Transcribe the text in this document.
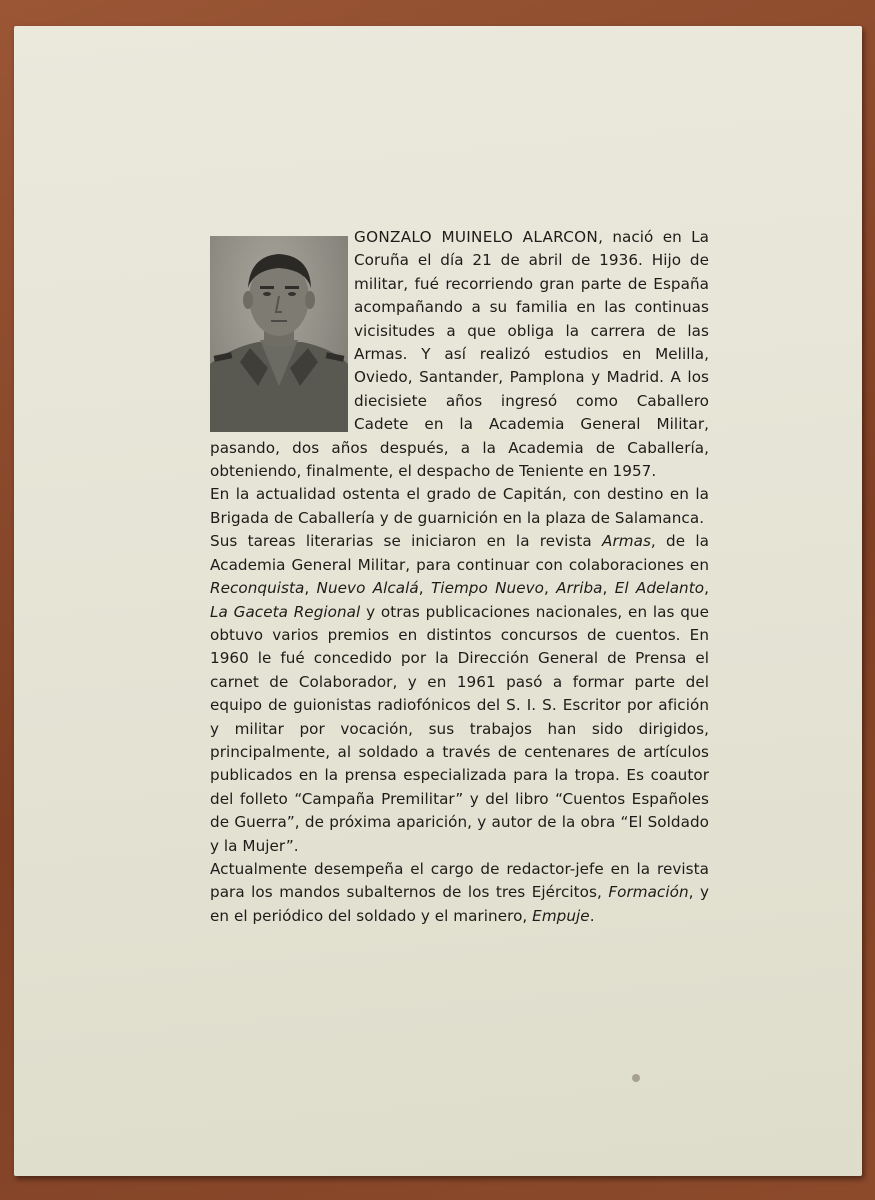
GONZALO MUINELO ALARCON, nació en La Coruña el día 21 de abril de 1936. Hijo de militar, fué recorriendo gran parte de España acompañando a su familia en las continuas vicisitudes a que obliga la carrera de las Armas. Y así realizó estudios en Melilla, Oviedo, Santander, Pamplona y Madrid. A los diecisiete años ingresó como Caballero Cadete en la Academia General Militar, pasando, dos años después, a la Academia de Caballería, obteniendo, finalmente, el despacho de Teniente en 1957.

En la actualidad ostenta el grado de Capitán, con destino en la Brigada de Caballería y de guarnición en la plaza de Salamanca.

Sus tareas literarias se iniciaron en la revista Armas, de la Academia General Militar, para continuar con colaboraciones en Reconquista, Nuevo Alcalá, Tiempo Nuevo, Arriba, El Adelanto, La Gaceta Regional y otras publicaciones nacionales, en las que obtuvo varios premios en distintos concursos de cuentos. En 1960 le fué concedido por la Dirección General de Prensa el carnet de Colaborador, y en 1961 pasó a formar parte del equipo de guionistas radiofónicos del S. I. S. Escritor por afición y militar por vocación, sus trabajos han sido dirigidos, principalmente, al soldado a través de centenares de artículos publicados en la prensa especializada para la tropa. Es coautor del folleto “Campaña Premilitar” y del libro “Cuentos Españoles de Guerra”, de próxima aparición, y autor de la obra “El Soldado y la Mujer”.

Actualmente desempeña el cargo de redactor-jefe en la revista para los mandos subalternos de los tres Ejércitos, Formación, y en el periódico del soldado y el marinero, Empuje.
